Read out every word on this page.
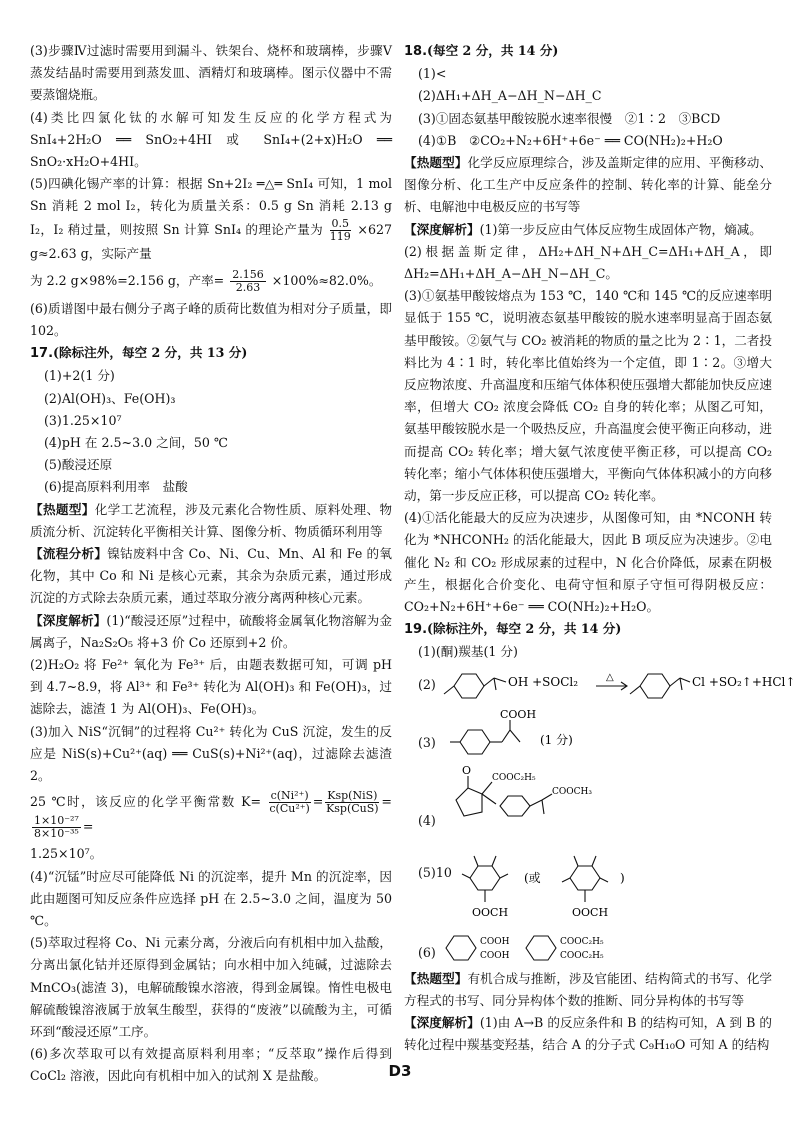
(3)步骤Ⅳ过滤时需要用到漏斗、铁架台、烧杯和玻璃棒，步骤Ⅴ蒸发结晶时需要用到蒸发皿、酒精灯和玻璃棒。图示仪器中不需要蒸馏烧瓶。

(4)类比四氯化钛的水解可知发生反应的化学方程式为 SnI₄+2H₂O ══ SnO₂+4HI 或 SnI₄+(2+x)H₂O ══ SnO₂·xH₂O+4HI。

(5)四碘化锡产率的计算：根据 Sn+2I₂ ═△═ SnI₄ 可知，1 mol Sn 消耗 2 mol I₂，转化为质量关系：0.5 g Sn 消耗 2.13 g I₂，I₂ 稍过量，则按照 Sn 计算 SnI₄ 的理论产量为 $\frac{0.5}{119} \times 627$ g≈2.63 g，实际产量

为 2.2 g×98%=2.156 g，产率= $\frac{2.156}{2.63} \times 100\%\approx 82.0\%$。

(6)质谱图中最右侧分子离子峰的质荷比数值为相对分子质量，即 102。

17.(除标注外，每空 2 分，共 13 分)

(1)+2(1 分)

(2)Al(OH)₃、Fe(OH)₃

(3)1.25×10⁷

(4)pH 在 2.5~3.0 之间，50 ℃

(5)酸浸还原

(6)提高原料利用率　盐酸

【热题型】化学工艺流程，涉及元素化合物性质、原料处理、物质流分析、沉淀转化平衡相关计算、图像分析、物质循环利用等

【流程分析】镍钴废料中含 Co、Ni、Cu、Mn、Al 和 Fe 的氧化物，其中 Co 和 Ni 是核心元素，其余为杂质元素，通过形成沉淀的方式除去杂质元素，通过萃取分液分离两种核心元素。

【深度解析】(1)“酸浸还原”过程中，硫酸将金属氧化物溶解为金属离子，Na₂S₂O₅ 将+3 价 Co 还原到+2 价。

(2)H₂O₂ 将 Fe²⁺ 氧化为 Fe³⁺ 后，由题表数据可知，可调 pH 到 4.7~8.9，将 Al³⁺ 和 Fe³⁺ 转化为 Al(OH)₃ 和 Fe(OH)₃，过滤除去，滤渣 1 为 Al(OH)₃、Fe(OH)₃。

(3)加入 NiS“沉铜”的过程将 Cu²⁺ 转化为 CuS 沉淀，发生的反应是 NiS(s)+Cu²⁺(aq) ══ CuS(s)+Ni²⁺(aq)，过滤除去滤渣 2。

25 ℃时，该反应的化学平衡常数 $K= \frac{\text{c(Ni²⁺)}}{\text{c(Cu²⁺)}} = \frac{\text{Ksp(NiS)}}{\text{Ksp(CuS)}}$ =
$\frac{\text{1×10⁻²⁷}}{\text{8×10⁻³⁵}}$ =

1.25×10⁷。

(4)“沉锰”时应尽可能降低 Ni 的沉淀率，提升 Mn 的沉淀率，因此由题图可知反应条件应选择 pH 在 2.5~3.0 之间，温度为 50 ℃。

(5)萃取过程将 Co、Ni 元素分离，分液后向有机相中加入盐酸，分离出氯化钴并还原得到金属钴；向水相中加入纯碱，过滤除去 MnCO₃(滤渣 3)，电解硫酸镍水溶液，得到金属镍。惰性电极电解硫酸镍溶液属于放氧生酸型，获得的“废液”以硫酸为主，可循环到“酸浸还原”工序。

(6)多次萃取可以有效提高原料利用率；“反萃取”操作后得到 CoCl₂ 溶液，因此向有机相中加入的试剂 X 是盐酸。

18.(每空 2 分，共 14 分)

(1)<

(2)ΔH₁+ΔH_A−ΔH_N−ΔH_C

(3)①固态氨基甲酸铵脱水速率很慢　②1∶2　③BCD

(4)①B　②CO₂+N₂+6H⁺+6e⁻ ══ CO(NH₂)₂+H₂O

【热题型】化学反应原理综合，涉及盖斯定律的应用、平衡移动、图像分析、化工生产中反应条件的控制、转化率的计算、能垒分析、电解池中电极反应的书写等

【深度解析】(1)第一步反应由气体反应物生成固体产物，熵减。

(2)根据盖斯定律，ΔH₂+ΔH_N+ΔH_C=ΔH₁+ΔH_A，即 ΔH₂=ΔH₁+ΔH_A−ΔH_N−ΔH_C。

(3)①氨基甲酸铵熔点为 153 ℃，140 ℃和 145 ℃的反应速率明显低于 155 ℃，说明液态氨基甲酸铵的脱水速率明显高于固态氨基甲酸铵。②氨气与 CO₂ 被消耗的物质的量之比为 2∶1，二者投料比为 4∶1 时，转化率比值始终为一个定值，即 1∶2。③增大反应物浓度、升高温度和压缩气体体积使压强增大都能加快反应速率，但增大 CO₂ 浓度会降低 CO₂ 自身的转化率；从图乙可知，氨基甲酸铵脱水是一个吸热反应，升高温度会使平衡正向移动，进而提高 CO₂ 转化率；增大氨气浓度使平衡正移，可以提高 CO₂ 转化率；缩小气体体积使压强增大，平衡向气体体积减小的方向移动，第一步反应正移，可以提高 CO₂ 转化率。

(4)①活化能最大的反应为决速步，从图像可知，由 *NCONH 转化为 *NHCONH₂ 的活化能最大，因此 B 项反应为决速步。②电催化 N₂ 和 CO₂ 形成尿素的过程中，N 化合价降低，尿素在阴极产生，根据化合价变化、电荷守恒和原子守恒可得阴极反应：CO₂+N₂+6H⁺+6e⁻ ══ CO(NH₂)₂+H₂O。

19.(除标注外，每空 2 分，共 14 分)

(1)(酮)羰基(1 分)

(2)	OH +SOCl₂	△	Cl +SO₂↑+HCl↑
(3)
COOH
(1 分)
(4)
O
COOC₂H₅
COOCH₃
(5)10
OOCH
(或
OOCH
)
(6)
COOH
COOH
COOC₂H₅
COOC₂H₅

【热题型】有机合成与推断，涉及官能团、结构简式的书写、化学方程式的书写、同分异构体个数的推断、同分异构体的书写等

【深度解析】(1)由 A→B 的反应条件和 B 的结构可知，A 到 B 的转化过程中羰基变羟基，结合 A 的分子式 C₉H₁₀O 可知 A 的结构

D3
